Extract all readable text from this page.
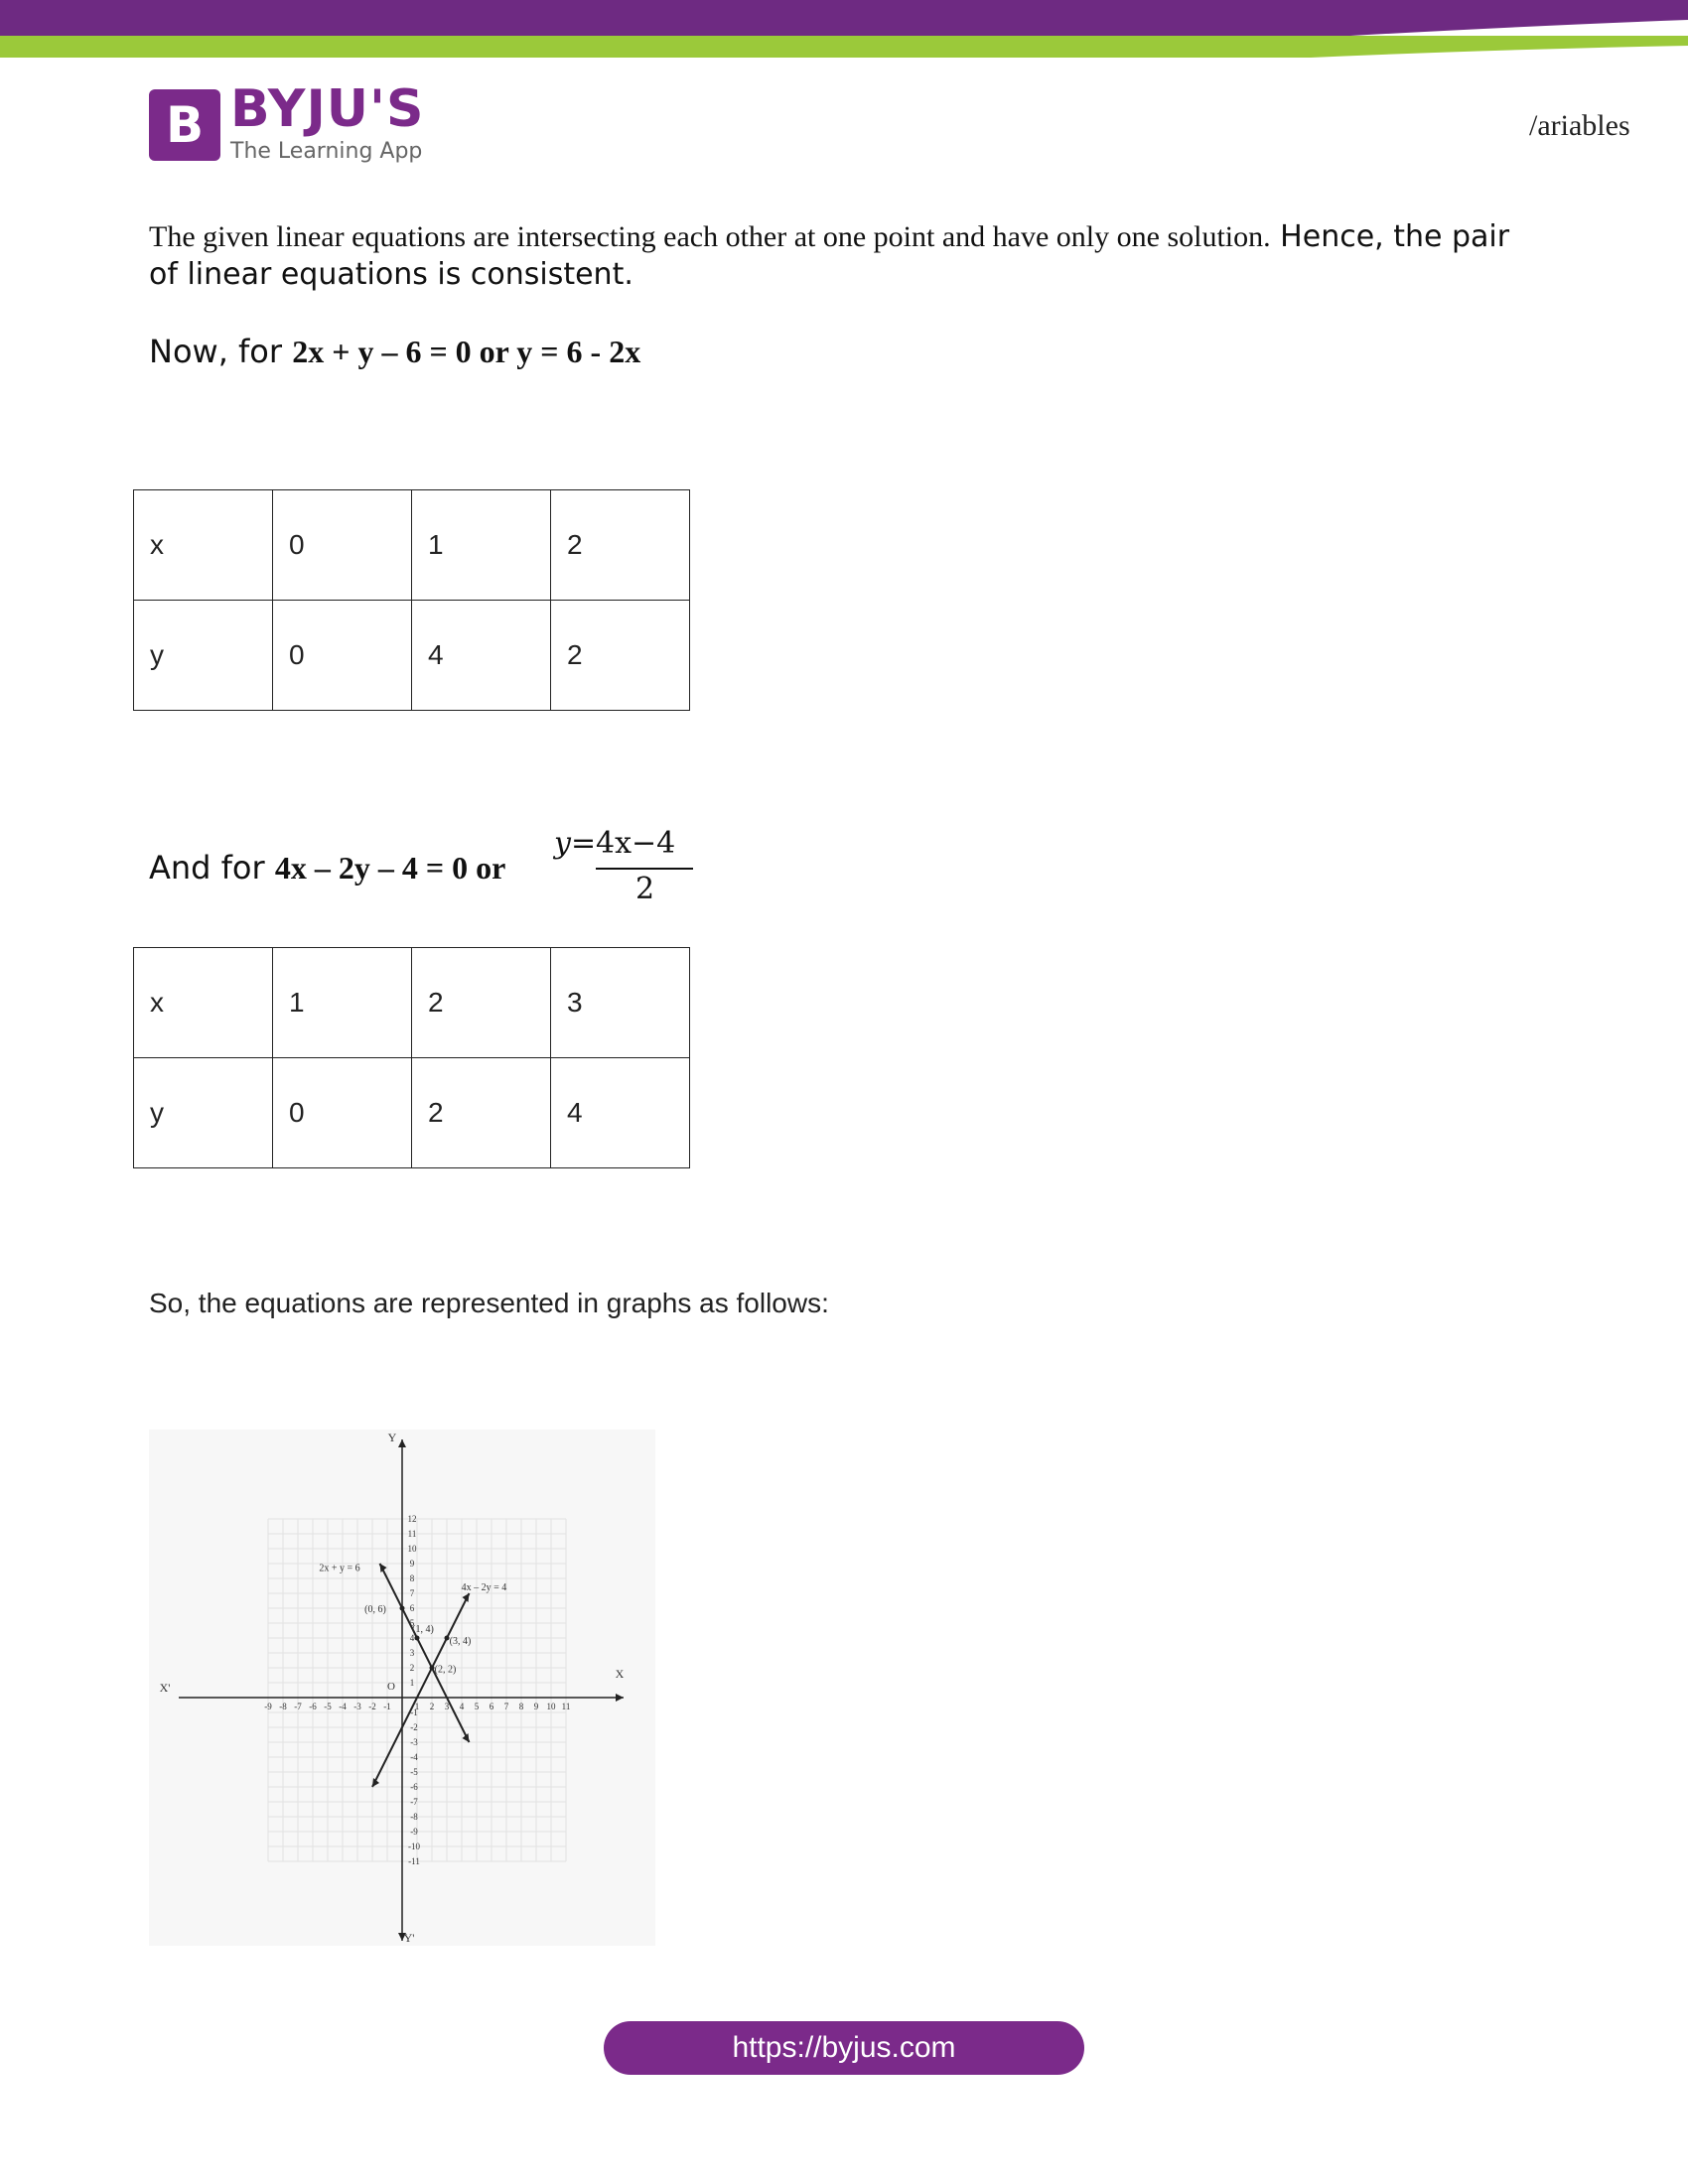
B BYJU'S
The Learning App
/ariables
The given linear equations are intersecting each other at one point and have only one solution. Hence, the pair of linear equations is consistent.
Now, for 2x + y – 6 = 0 or y = 6 - 2x
x	0	1	2
y	0	4	2
And for 4x – 2y – 4 = 0 or
y= 4x−4
2
x	1	2	3
y	0	2	4
So, the equations are represented in graphs as follows:
-9 -8 -7 -6 -5 -4 -3 -2 -1	1 2 3 4 5 6 7 8 9 10 11
1
2
3
4
5
6
7
8
9
10
11
12
-1
-2
-3
-4
-5
-6
-7
-8
-9
-10
-11
X
X'
Y
Y'
O
2x + y = 6
4x – 2y = 4
(0, 6)
(1, 4)
(3, 4)
(2, 2)
https://byjus.com
